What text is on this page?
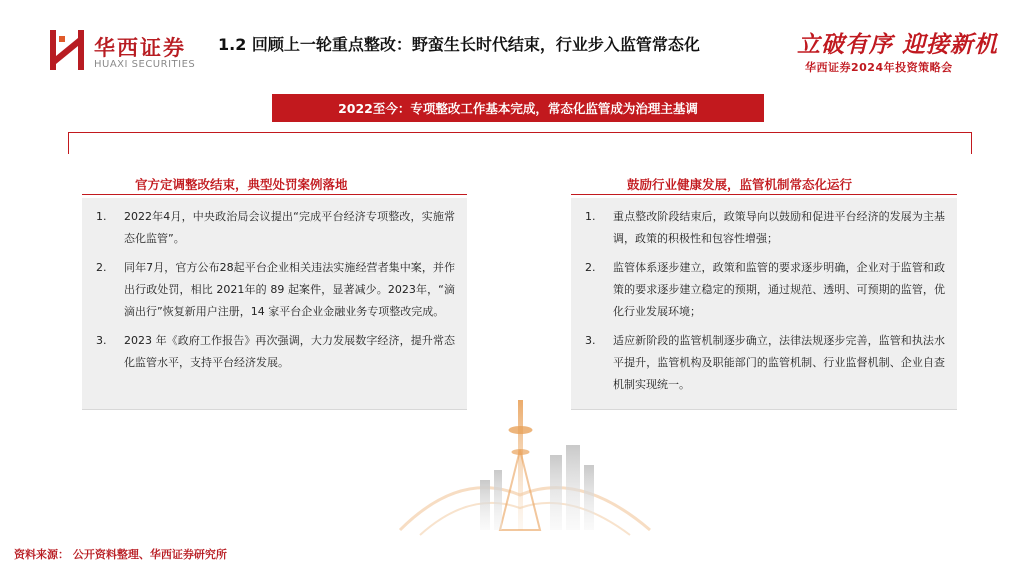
华西证券
HUAXI SECURITIES
1.2 回顾上一轮重点整改：野蛮生长时代结束，行业步入监管常态化	立破有序 迎接新机
华西证券2024年投资策略会
2022至今：专项整改工作基本完成，常态化监管成为治理主基调
官方定调整改结束，典型处罚案例落地
1.	2022年4月，中央政治局会议提出“完成平台经济专项整改，实施常态化监管”。
2.	同年7月，官方公布28起平台企业相关违法实施经营者集中案，并作出行政处罚，相比 2021年的 89 起案件，显著减少。2023年，“滴滴出行”恢复新用户注册，14 家平台企业金融业务专项整改完成。
3.	2023 年《政府工作报告》再次强调，大力发展数字经济，提升常态化监管水平，支持平台经济发展。
鼓励行业健康发展，监管机制常态化运行
1.	重点整改阶段结束后，政策导向以鼓励和促进平台经济的发展为主基调，政策的积极性和包容性增强；
2.	监管体系逐步建立，政策和监管的要求逐步明确，企业对于监管和政策的要求逐步建立稳定的预期，通过规范、透明、可预期的监管，优化行业发展环境；
3.	适应新阶段的监管机制逐步确立，法律法规逐步完善，监管和执法水平提升，监管机构及职能部门的监管机制、行业监督机制、企业自查机制实现统一。
资料来源： 公开资料整理、华西证券研究所
